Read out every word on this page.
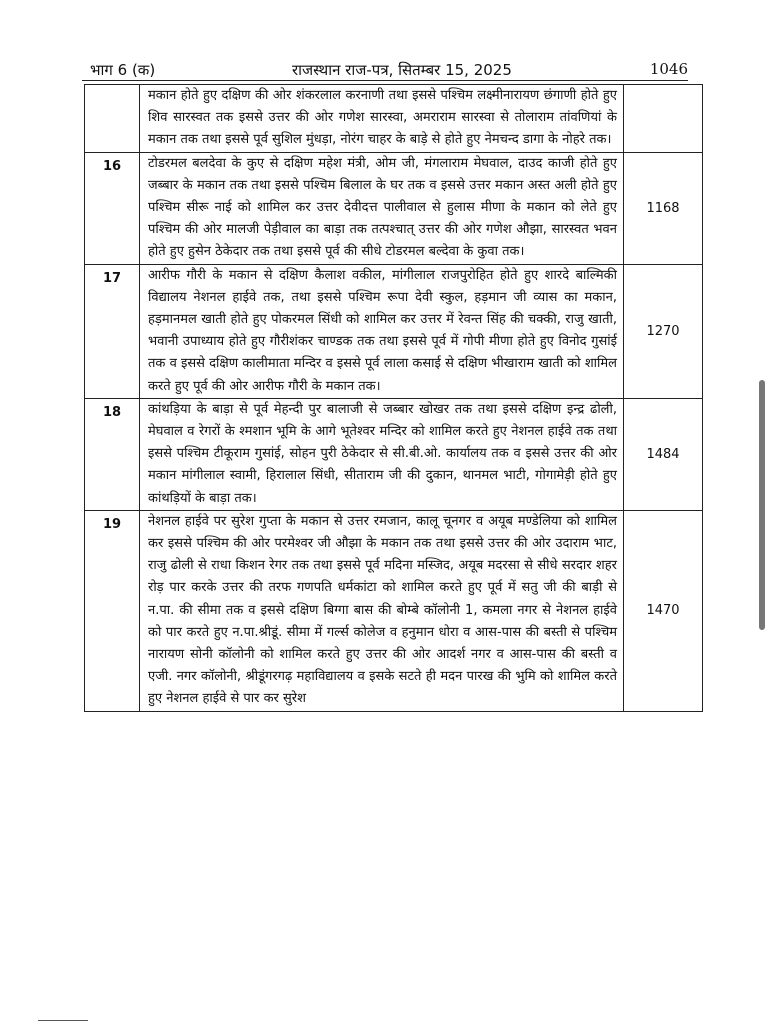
भाग 6 (क)	राजस्थान राज-पत्र, सितम्बर 15, 2025	1046
	मकान होते हुए दक्षिण की ओर शंकरलाल करनाणी तथा इससे पश्चिम लक्ष्मीनारायण छंगाणी होते हुए शिव सारस्वत तक इससे उत्तर की ओर गणेश सारस्वा, अमराराम सारस्वा से तोलाराम तांवणियां के मकान तक तथा इससे पूर्व सुशिल मुंधड़ा, नोरंग चाहर के बाड़े से होते हुए नेमचन्द डागा के नोहरे तक।	
16	टोडरमल बलदेवा के कुए से दक्षिण महेश मंत्री, ओम जी, मंगलाराम मेघवाल, दाउद काजी होते हुए जब्बार के मकान तक तथा इससे पश्चिम बिलाल के घर तक व इससे उत्तर मकान अस्त अली होते हुए पश्चिम सीरू नाई को शामिल कर उत्तर देवीदत्त पालीवाल से हुलास मीणा के मकान को लेते हुए पश्चिम की ओर मालजी पेड़ीवाल का बाड़ा तक तत्पश्चात् उत्तर की ओर गणेश औझा, सारस्वत भवन होते हुए हुसेन ठेकेदार तक तथा इससे पूर्व की सीधे टोडरमल बल्देवा के कुवा तक।	1168
17	आरीफ गौरी के मकान से दक्षिण कैलाश वकील, मांगीलाल राजपुरोहित होते हुए शारदे बाल्मिकी विद्यालय नेशनल हाईवे तक, तथा इससे पश्चिम रूपा देवी स्कुल, हड़मान जी व्यास का मकान, हड़मानमल खाती होते हुए पोकरमल सिंधी को शामिल कर उत्तर में रेवन्त सिंह की चक्की, राजु खाती, भवानी उपाध्याय होते हुए गौरीशंकर चाण्डक तक तथा इससे पूर्व में गोपी मीणा होते हुए विनोद गुसांई तक व इससे दक्षिण कालीमाता मन्दिर व इससे पूर्व लाला कसाई से दक्षिण भीखाराम खाती को शामिल करते हुए पूर्व की ओर आरीफ गौरी के मकान तक।	1270
18	कांथड़िया के बाड़ा से पूर्व मेहन्दी पुर बालाजी से जब्बार खोखर तक तथा इससे दक्षिण इन्द्र ढोली, मेघवाल व रेगरों के श्मशान भूमि के आगे भूतेश्वर मन्दिर को शामिल करते हुए नेशनल हाईवे तक तथा इससे पश्चिम टीकूराम गुसांई, सोहन पुरी ठेकेदार से सी.बी.ओ. कार्यालय तक व इससे उत्तर की ओर मकान मांगीलाल स्वामी, हिरालाल सिंधी, सीताराम जी की दुकान, थानमल भाटी, गोगामेड़ी होते हुए कांथड़ियों के बाड़ा तक।	1484
19	नेशनल हाईवे पर सुरेश गुप्ता के मकान से उत्तर रमजान, कालू चूनगर व अयूब मण्डेलिया को शामिल कर इससे पश्चिम की ओर परमेश्वर जी औझा के मकान तक तथा इससे उत्तर की ओर उदाराम भाट, राजु ढोली से राधा किशन रेगर तक तथा इससे पूर्व मदिना मस्जिद, अयूब मदरसा से सीधे सरदार शहर रोड़ पार करके उत्तर की तरफ गणपति धर्मकांटा को शामिल करते हुए पूर्व में सतु जी की बाड़ी से न.पा. की सीमा तक व इससे दक्षिण बिग्गा बास की बोम्बे कॉलोनी 1, कमला नगर से नेशनल हाईवे को पार करते हुए न.पा.श्रीडूं. सीमा में गर्ल्स कोलेज व हनुमान धोरा व आस-पास की बस्ती से पश्चिम नारायण सोनी कॉलोनी को शामिल करते हुए उत्तर की ओर आदर्श नगर व आस-पास की बस्ती व एजी. नगर कॉलोनी, श्रीडूंगरगढ़ महाविद्यालय व इसके सटते ही मदन पारख की भुमि को शामिल करते हुए नेशनल हाईवे से पार कर सुरेश	1470
